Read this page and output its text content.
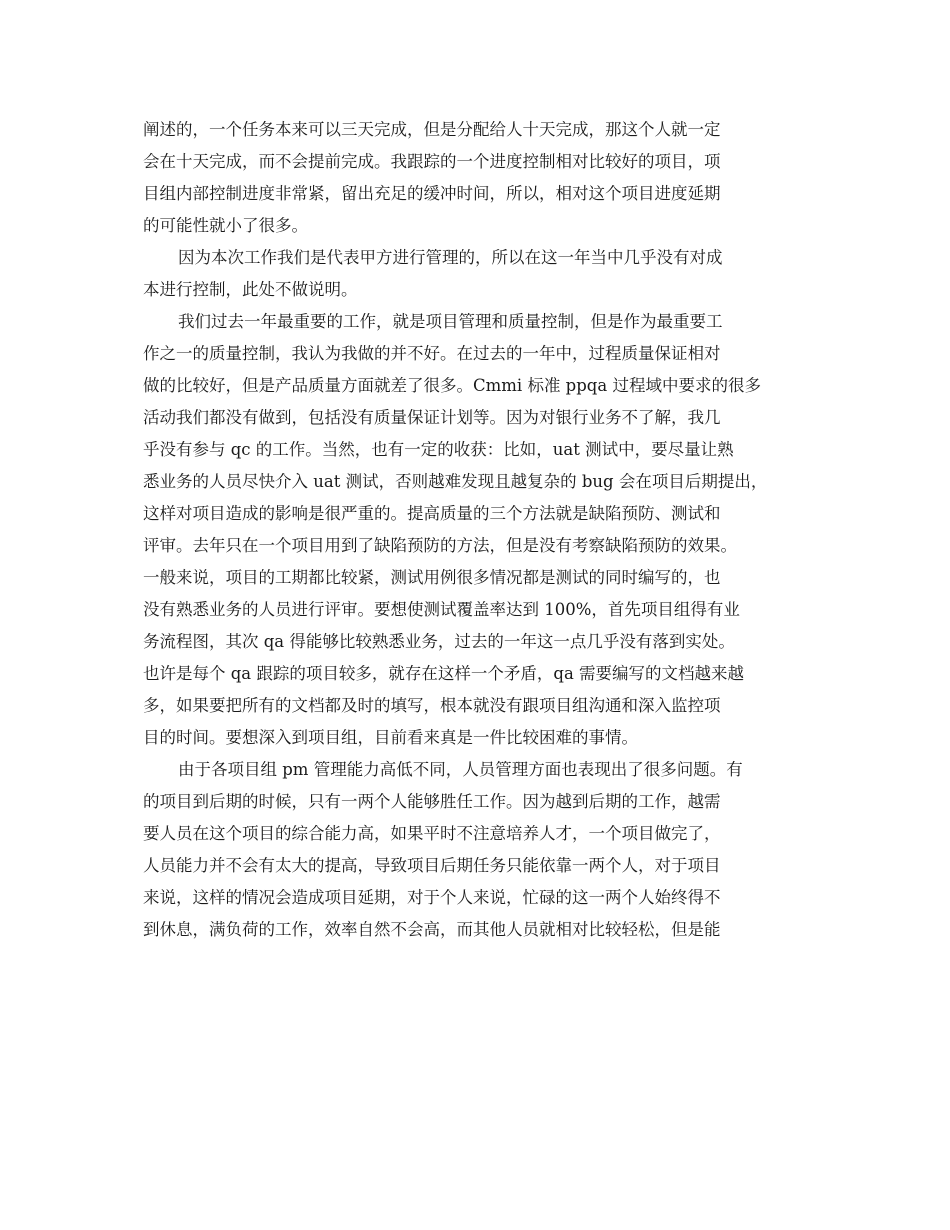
阐述的，一个任务本来可以三天完成，但是分配给人十天完成，那这个人就一定
会在十天完成，而不会提前完成。我跟踪的一个进度控制相对比较好的项目，项
目组内部控制进度非常紧，留出充足的缓冲时间，所以，相对这个项目进度延期
的可能性就小了很多。
因为本次工作我们是代表甲方进行管理的，所以在这一年当中几乎没有对成
本进行控制，此处不做说明。
我们过去一年最重要的工作，就是项目管理和质量控制，但是作为最重要工
作之一的质量控制，我认为我做的并不好。在过去的一年中，过程质量保证相对
做的比较好，但是产品质量方面就差了很多。Cmmi 标准 ppqa 过程域中要求的很多
活动我们都没有做到，包括没有质量保证计划等。因为对银行业务不了解，我几
乎没有参与 qc 的工作。当然，也有一定的收获：比如，uat 测试中，要尽量让熟
悉业务的人员尽快介入 uat 测试，否则越难发现且越复杂的 bug 会在项目后期提出，
这样对项目造成的影响是很严重的。提高质量的三个方法就是缺陷预防、测试和
评审。去年只在一个项目用到了缺陷预防的方法，但是没有考察缺陷预防的效果。
一般来说，项目的工期都比较紧，测试用例很多情况都是测试的同时编写的，也
没有熟悉业务的人员进行评审。要想使测试覆盖率达到 100%，首先项目组得有业
务流程图，其次 qa 得能够比较熟悉业务，过去的一年这一点几乎没有落到实处。
也许是每个 qa 跟踪的项目较多，就存在这样一个矛盾，qa 需要编写的文档越来越
多，如果要把所有的文档都及时的填写，根本就没有跟项目组沟通和深入监控项
目的时间。要想深入到项目组，目前看来真是一件比较困难的事情。
由于各项目组 pm 管理能力高低不同，人员管理方面也表现出了很多问题。有
的项目到后期的时候，只有一两个人能够胜任工作。因为越到后期的工作，越需
要人员在这个项目的综合能力高，如果平时不注意培养人才，一个项目做完了，
人员能力并不会有太大的提高，导致项目后期任务只能依靠一两个人，对于项目
来说，这样的情况会造成项目延期，对于个人来说，忙碌的这一两个人始终得不
到休息，满负荷的工作，效率自然不会高，而其他人员就相对比较轻松，但是能
